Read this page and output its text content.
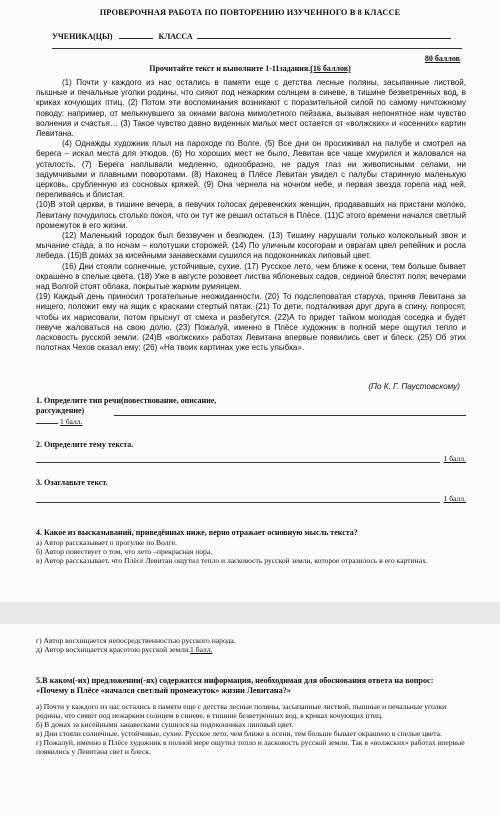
ПРОВЕРОЧНАЯ РАБОТА ПО ПОВТОРЕНИЮ ИЗУЧЕННОГО В 8 КЛАССЕ
УЧЕНИКА(ЦЫ)	КЛАССА
80 баллов
Прочитайте текст и выполните 1-11задания.(16 баллов)

(1) Почти у каждого из нас остались в памяти еще с детства лесные поляны, засыпанные листвой, пышные и печальные уголки родины, что сияют под нежарким солнцем в синеве, в тишине безветренных вод, в криках кочующих птиц. (2) Потом эти воспоминания возникают с поразительной силой по самому ничтожному поводу: например, от мелькнувшего за окнами вагона мимолетного пейзажа, вызывая непонятное нам чувство волнения и счастья… (3) Такое чувство давно виденных милых мест остается от «волжских» и «осенних» картин Левитана.

(4) Однажды художник плыл на пароходе по Волге. (5) Все дни он просиживал на палубе и смотрел на берега – искал места для этюдов. (6) Но хороших мест не было, Левитан все чаще хмурился и жаловался на усталость. (7) Берега наплывали медленно, однообразно, не радуя глаз ни живописными селами, ни задумчивыми и плавными поворотами. (8) Наконец в Плёсе Левитан увидел с палубы старинную маленькую церковь, срубленную из сосновых кряжей. (9) Она чернела на ночном небе, и первая звезда горела над ней, переливаясь и блистая.

(10)В этой церкви, в тишине вечера, в певучих голосах деревенских женщин, продававших на пристани молоко, Левитану почудилось столько покоя, что он тут же решил остаться в Плёсе. (11)С этого времени начался светлый промежуток в его жизни.

(12) Маленький городок был беззвучен и безлюден. (13) Тишину нарушали только колокольный звон и мычание стада, а по ночам – колотушки сторожей. (14) По уличным косогорам и оврагам цвел репейник и росла лебеда. (15)В домах за кисейными занавесками сушился на подоконниках липовый цвет.

(16) Дни стояли солнечные, устойчивые, сухие. (17) Русское лето, чем ближе к осени, тем больше бывает окрашено в спелые цвета. (18) Уже в августе розовеет листва яблоневых садов, сединой блестят поля; вечерами над Волгой стоят облака, покрытые жарким румянцем.

(19) Каждый день приносил трогательные неожиданности. (20) То подслеповатая старуха, приняв Левитана за нищего, положит ему на ящик с красками стертый пятак. (21) То дети, подталкивая друг друга в спину, попросят, чтобы их нарисовали, потом прыснут от смеха и разбегутся. (22)А то придет тайком молодая соседка и будет певуче жаловаться на свою долю. (23) Пожалуй, именно в Плёсе художник в полной мере ощутил тепло и ласковость русской земли. (24)В «волжских» работах Левитана впервые появились свет и блеск. (25) Об этих полотнах Чехов сказал ему: (26) «На твоих картинах уже есть улыбка».

(По К. Г. Паустовскому)
1. Определите тип речи(повествование, описание, рассуждение)
1 балл.
2. Определите тему текста.
1 балл.
3. Озаглавьте текст.
1 балл.
4. Какое из высказываний, приведённых ниже, верно отражает основную мысль текста?
а) Автор рассказывает о прогулке по Волге.
б) Автор повествует о том, что лето –прекрасная пора.
в) Автор рассказывает, что Плёсе Левитан ощутил тепло и ласковость русской земли, которое отразилось в его картинах.
г) Автор восхищается непосредственностью русского народа.
д) Автор восхищается красотою русской земли.1 балл.
5.В каком(-их) предложении(-ях) содержится информация, необходимая для обоснования ответа на вопрос: «Почему в Плёсе «начался светлый промежуток» жизни Левитана?»
а) Почти у каждого из нас остались в памяти еще с детства лесные поляны, засыпанные листвой, пышные и печальные уголки родины, что сияют под нежарким солнцем в синеве, в тишине безветренных вод, в криках кочующих птиц.
б) В домах за кисейными занавесками сушился на подоконниках липовый цвет.
в) Дни стояли солнечные, устойчивые, сухие. Русское лето, чем ближе к осени, тем больше бывает окрашено в спелые цвета.
г) Пожалуй, именно в Плёсе художник в полной мере ощутил тепло и ласковость русской земли. Так в «волжских» работах впервые появились у Левитана свет и блеск.
